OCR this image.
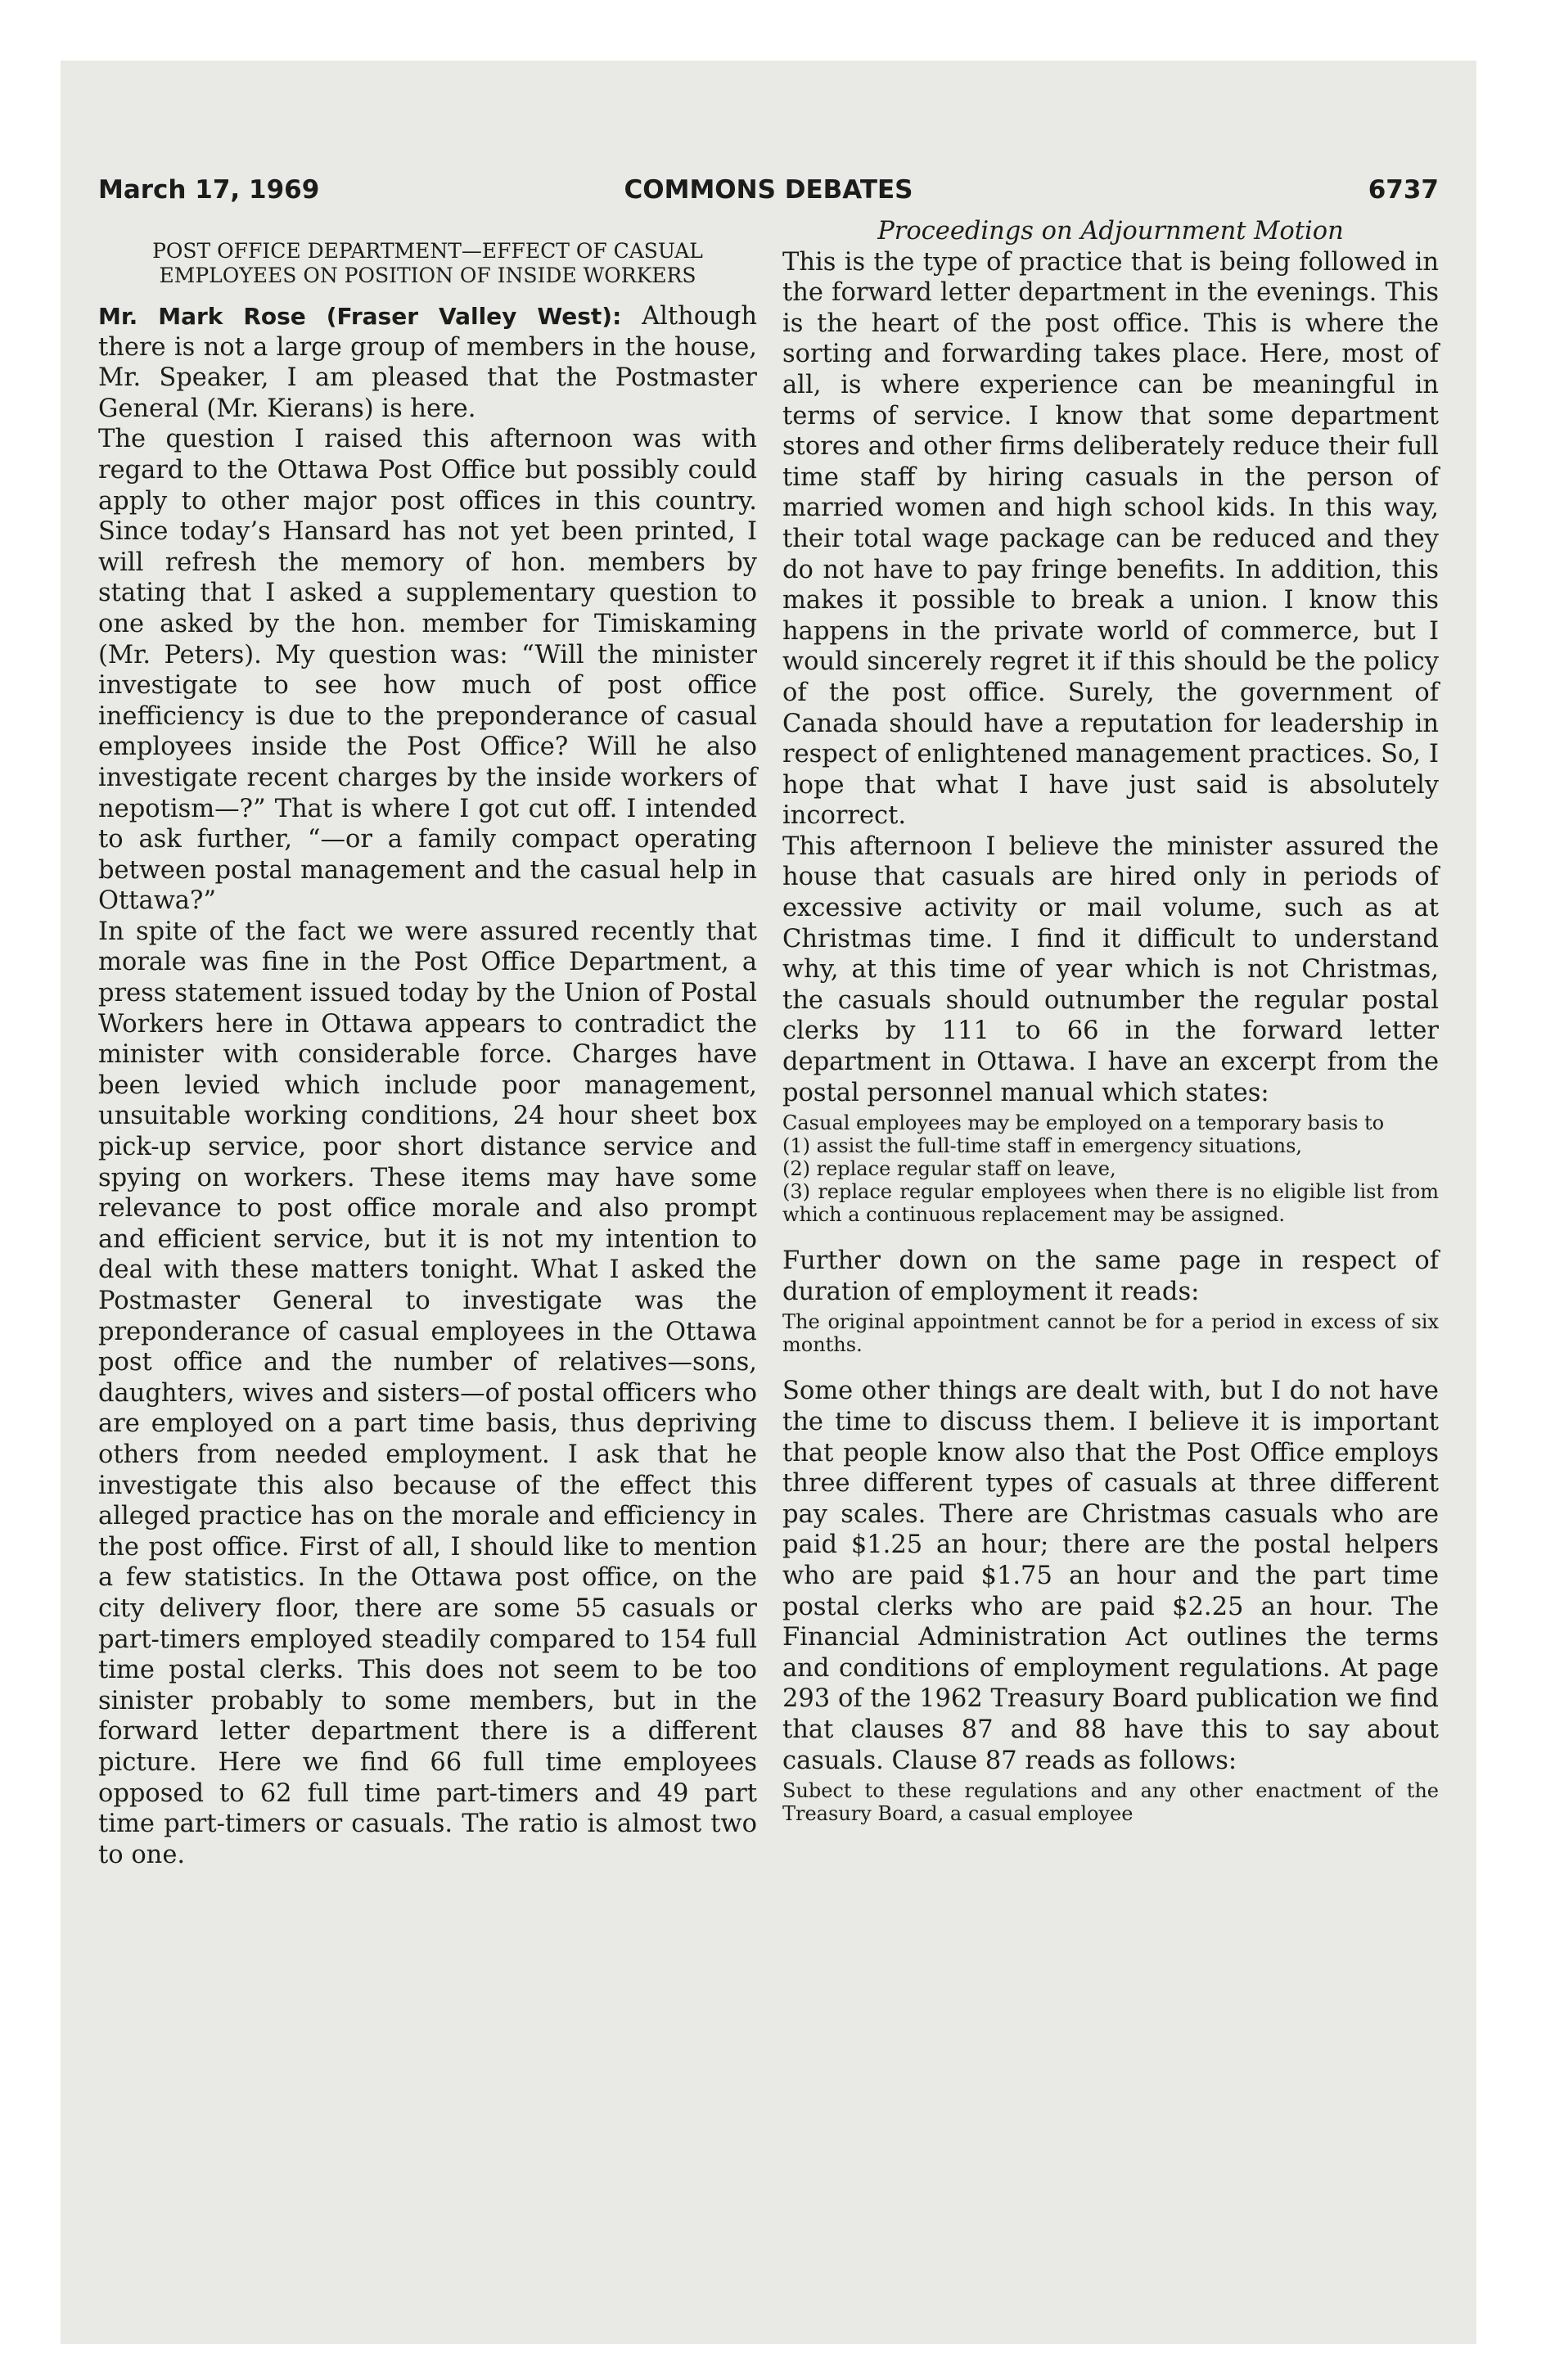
March 17, 1969	COMMONS DEBATES	6737
POST OFFICE DEPARTMENT—EFFECT OF CASUAL EMPLOYEES ON POSITION OF INSIDE WORKERS

Mr. Mark Rose (Fraser Valley West): Although there is not a large group of members in the house, Mr. Speaker, I am pleased that the Postmaster General (Mr. Kierans) is here.

The question I raised this afternoon was with regard to the Ottawa Post Office but possibly could apply to other major post offices in this country. Since today’s Hansard has not yet been printed, I will refresh the memory of hon. members by stating that I asked a supplementary question to one asked by the hon. member for Timiskaming (Mr. Peters). My question was: “Will the minister investigate to see how much of post office inefficiency is due to the preponderance of casual employees inside the Post Office? Will he also investigate recent charges by the inside workers of nepotism—?” That is where I got cut off. I intended to ask further, “—or a family compact operating between postal management and the casual help in Ottawa?”

In spite of the fact we were assured recently that morale was fine in the Post Office Department, a press statement issued today by the Union of Postal Workers here in Ottawa appears to contradict the minister with considerable force. Charges have been levied which include poor management, unsuitable working conditions, 24 hour sheet box pick-up service, poor short distance service and spying on workers. These items may have some relevance to post office morale and also prompt and efficient service, but it is not my intention to deal with these matters tonight. What I asked the Postmaster General to investigate was the preponderance of casual employees in the Ottawa post office and the number of relatives—sons, daughters, wives and sisters—of postal officers who are employed on a part time basis, thus depriving others from needed employment. I ask that he investigate this also because of the effect this alleged practice has on the morale and efficiency in the post office. First of all, I should like to mention a few statistics. In the Ottawa post office, on the city delivery floor, there are some 55 casuals or part-timers employed steadily compared to 154 full time postal clerks. This does not seem to be too sinister probably to some members, but in the forward letter department there is a different picture. Here we find 66 full time employees opposed to 62 full time part-timers and 49 part time part-timers or casuals. The ratio is almost two to one.

Proceedings on Adjournment Motion

This is the type of practice that is being followed in the forward letter department in the evenings. This is the heart of the post office. This is where the sorting and forwarding takes place. Here, most of all, is where experience can be meaningful in terms of service. I know that some department stores and other firms deliberately reduce their full time staff by hiring casuals in the person of married women and high school kids. In this way, their total wage package can be reduced and they do not have to pay fringe benefits. In addition, this makes it possible to break a union. I know this happens in the private world of commerce, but I would sincerely regret it if this should be the policy of the post office. Surely, the government of Canada should have a reputation for leadership in respect of enlightened management practices. So, I hope that what I have just said is absolutely incorrect.

This afternoon I believe the minister assured the house that casuals are hired only in periods of excessive activity or mail volume, such as at Christmas time. I find it difficult to understand why, at this time of year which is not Christmas, the casuals should outnumber the regular postal clerks by 111 to 66 in the forward letter department in Ottawa. I have an excerpt from the postal personnel manual which states:

Casual employees may be employed on a temporary basis to
(1) assist the full-time staff in emergency situations,
(2) replace regular staff on leave,
(3) replace regular employees when there is no eligible list from which a continuous replacement may be assigned.

Further down on the same page in respect of duration of employment it reads:

The original appointment cannot be for a period in excess of six months.

Some other things are dealt with, but I do not have the time to discuss them. I believe it is important that people know also that the Post Office employs three different types of casuals at three different pay scales. There are Christmas casuals who are paid $1.25 an hour; there are the postal helpers who are paid $1.75 an hour and the part time postal clerks who are paid $2.25 an hour. The Financial Administration Act outlines the terms and conditions of employment regulations. At page 293 of the 1962 Treasury Board publication we find that clauses 87 and 88 have this to say about casuals. Clause 87 reads as follows:

Subect to these regulations and any other enactment of the Treasury Board, a casual employee
